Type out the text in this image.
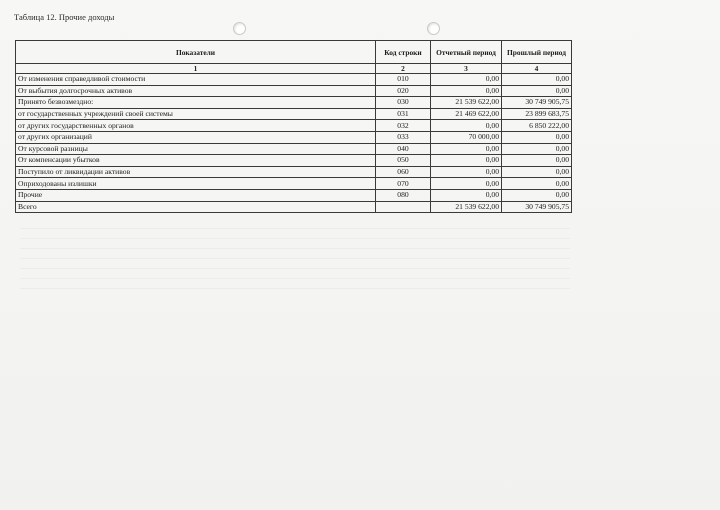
Таблица 12. Прочие доходы
Показатели	Код строки	Отчетный период	Прошлый период
1	2	3	4
От изменения справедливой стоимости	010	0,00	0,00
От выбытия долгосрочных активов	020	0,00	0,00
Принято безвозмездно:	030	21 539 622,00	30 749 905,75
от государственных учреждений своей системы	031	21 469 622,00	23 899 683,75
от других государственных органов	032	0,00	6 850 222,00
от других организаций	033	70 000,00	0,00
От курсовой разницы	040	0,00	0,00
От компенсации убытков	050	0,00	0,00
Поступило от ликвидации активов	060	0,00	0,00
Оприходованы излишки	070	0,00	0,00
Прочие	080	0,00	0,00
Всего		21 539 622,00	30 749 905,75
